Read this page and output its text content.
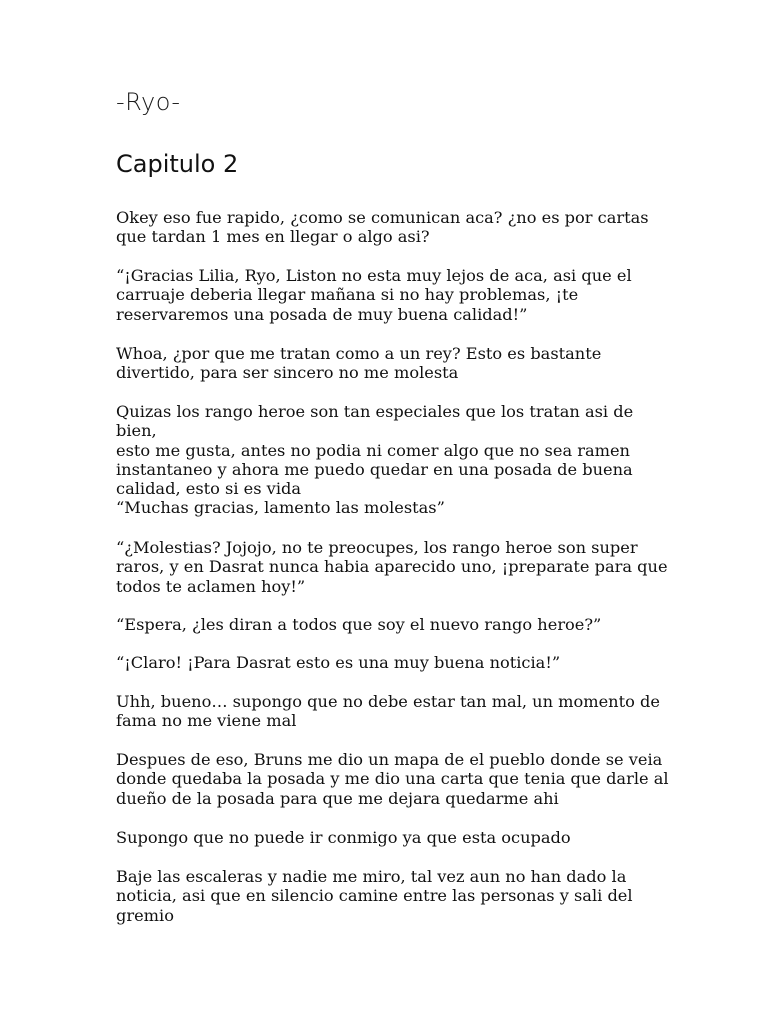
-Ryo-
Capitulo 2

Okey eso fue rapido, ¿como se comunican aca? ¿no es por cartas
que tardan 1 mes en llegar o algo asi?

“¡Gracias Lilia, Ryo, Liston no esta muy lejos de aca, asi que el
carruaje deberia llegar mañana si no hay problemas, ¡te
reservaremos una posada de muy buena calidad!”

Whoa, ¿por que me tratan como a un rey? Esto es bastante
divertido, para ser sincero no me molesta

Quizas los rango heroe son tan especiales que los tratan asi de bien,
esto me gusta, antes no podia ni comer algo que no sea ramen
instantaneo y ahora me puedo quedar en una posada de buena
calidad, esto si es vida

“Muchas gracias, lamento las molestas”

“¿Molestias? Jojojo, no te preocupes, los rango heroe son super
raros, y en Dasrat nunca habia aparecido uno, ¡preparate para que
todos te aclamen hoy!”

“Espera, ¿les diran a todos que soy el nuevo rango heroe?”

“¡Claro! ¡Para Dasrat esto es una muy buena noticia!”

Uhh, bueno… supongo que no debe estar tan mal, un momento de
fama no me viene mal

Despues de eso, Bruns me dio un mapa de el pueblo donde se veia
donde quedaba la posada y me dio una carta que tenia que darle al
dueño de la posada para que me dejara quedarme ahi

Supongo que no puede ir conmigo ya que esta ocupado

Baje las escaleras y nadie me miro, tal vez aun no han dado la
noticia, asi que en silencio camine entre las personas y sali del
gremio
